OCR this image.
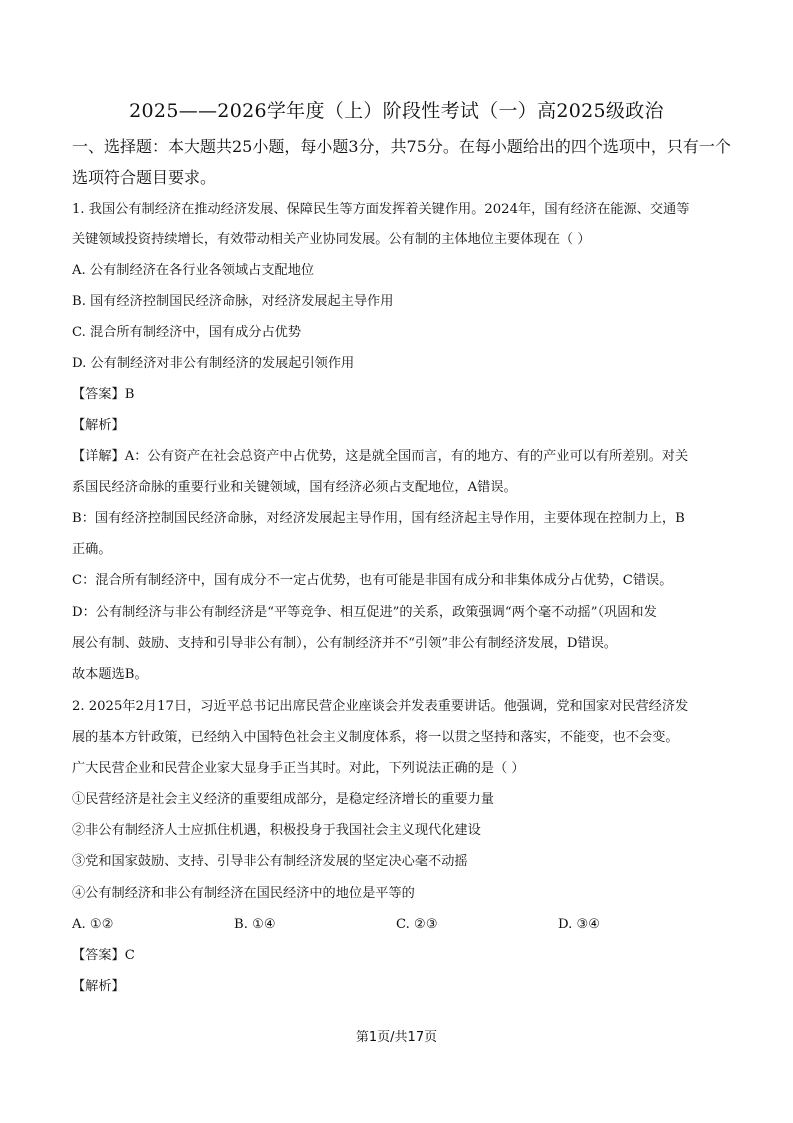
2025——2026学年度（上）阶段性考试（一）高2025级政治
一、选择题：本大题共25小题，每小题3分，共75分。在每小题给出的四个选项中，只有一个选项符合题目要求。
1. 我国公有制经济在推动经济发展、保障民生等方面发挥着关键作用。2024年，国有经济在能源、交通等
关键领域投资持续增长，有效带动相关产业协同发展。公有制的主体地位主要体现在（ ）
A. 公有制经济在各行业各领域占支配地位
B. 国有经济控制国民经济命脉，对经济发展起主导作用
C. 混合所有制经济中，国有成分占优势
D. 公有制经济对非公有制经济的发展起引领作用
【答案】B
【解析】
【详解】A：公有资产在社会总资产中占优势，这是就全国而言，有的地方、有的产业可以有所差别。对关
系国民经济命脉的重要行业和关键领域，国有经济必须占支配地位，A错误。
B：国有经济控制国民经济命脉，对经济发展起主导作用，国有经济起主导作用，主要体现在控制力上，B
正确。
C：混合所有制经济中，国有成分不一定占优势，也有可能是非国有成分和非集体成分占优势，C错误。
D：公有制经济与非公有制经济是“平等竞争、相互促进”的关系，政策强调“两个毫不动摇”（巩固和发
展公有制、鼓励、支持和引导非公有制），公有制经济并不“引领”非公有制经济发展，D错误。
故本题选B。
2. 2025年2月17日，习近平总书记出席民营企业座谈会并发表重要讲话。他强调，党和国家对民营经济发
展的基本方针政策，已经纳入中国特色社会主义制度体系，将一以贯之坚持和落实，不能变，也不会变。
广大民营企业和民营企业家大显身手正当其时。对此，下列说法正确的是（ ）
①民营经济是社会主义经济的重要组成部分，是稳定经济增长的重要力量
②非公有制经济人士应抓住机遇，积极投身于我国社会主义现代化建设
③党和国家鼓励、支持、引导非公有制经济发展的坚定决心毫不动摇
④公有制经济和非公有制经济在国民经济中的地位是平等的
A. ①②	B. ①④	C. ②③	D. ③④
【答案】C
【解析】
第1页/共17页
